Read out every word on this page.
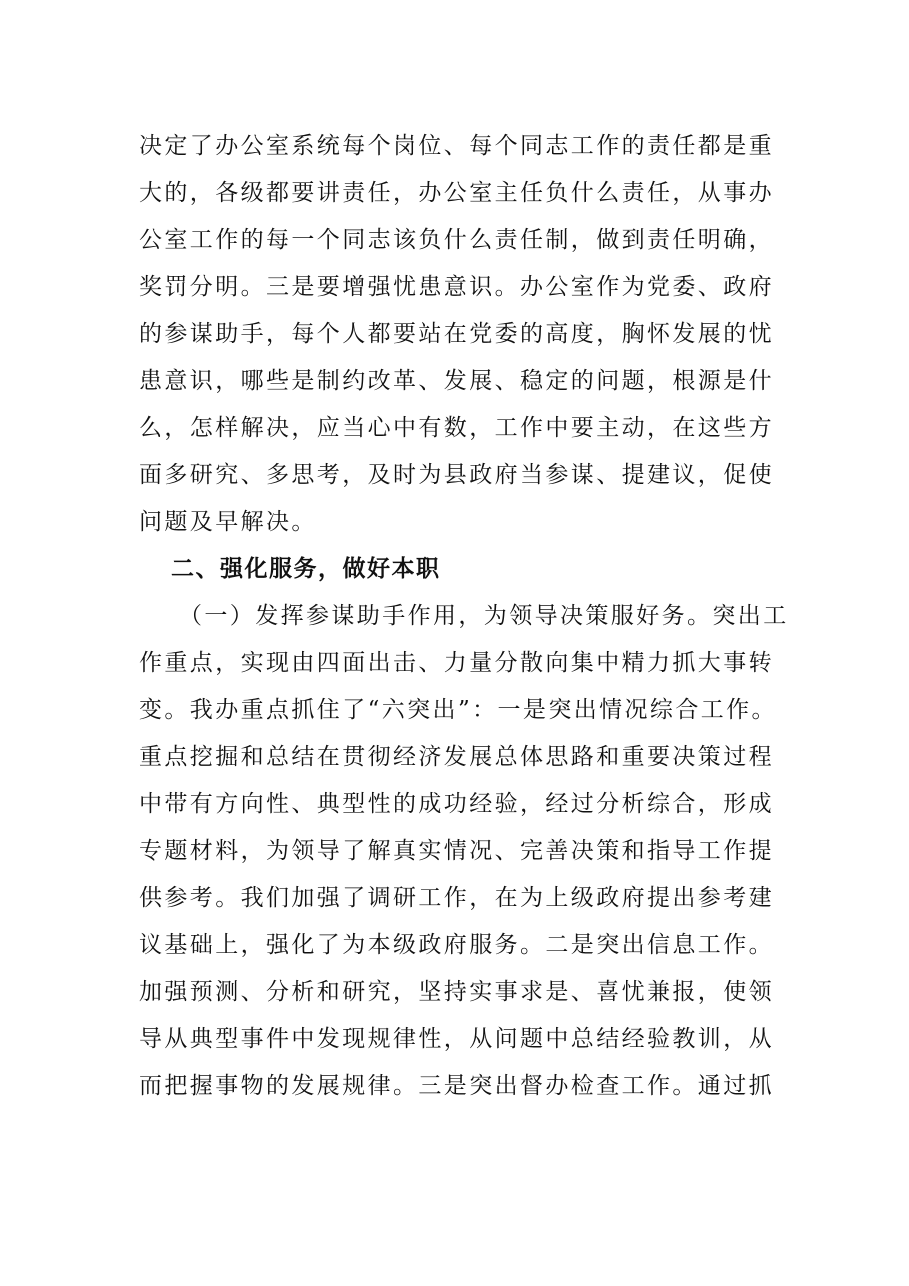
决定了办公室系统每个岗位、每个同志工作的责任都是重
大的，各级都要讲责任，办公室主任负什么责任，从事办
公室工作的每一个同志该负什么责任制，做到责任明确，
奖罚分明。三是要增强忧患意识。办公室作为党委、政府
的参谋助手，每个人都要站在党委的高度，胸怀发展的忧
患意识，哪些是制约改革、发展、稳定的问题，根源是什
么，怎样解决，应当心中有数，工作中要主动，在这些方
面多研究、多思考，及时为县政府当参谋、提建议，促使
问题及早解决。
二、强化服务，做好本职
（一）发挥参谋助手作用，为领导决策服好务。突出工
作重点，实现由四面出击、力量分散向集中精力抓大事转
变。我办重点抓住了“六突出”：一是突出情况综合工作。
重点挖掘和总结在贯彻经济发展总体思路和重要决策过程
中带有方向性、典型性的成功经验，经过分析综合，形成
专题材料，为领导了解真实情况、完善决策和指导工作提
供参考。我们加强了调研工作，在为上级政府提出参考建
议基础上，强化了为本级政府服务。二是突出信息工作。
加强预测、分析和研究，坚持实事求是、喜忧兼报，使领
导从典型事件中发现规律性，从问题中总结经验教训，从
而把握事物的发展规律。三是突出督办检查工作。通过抓
